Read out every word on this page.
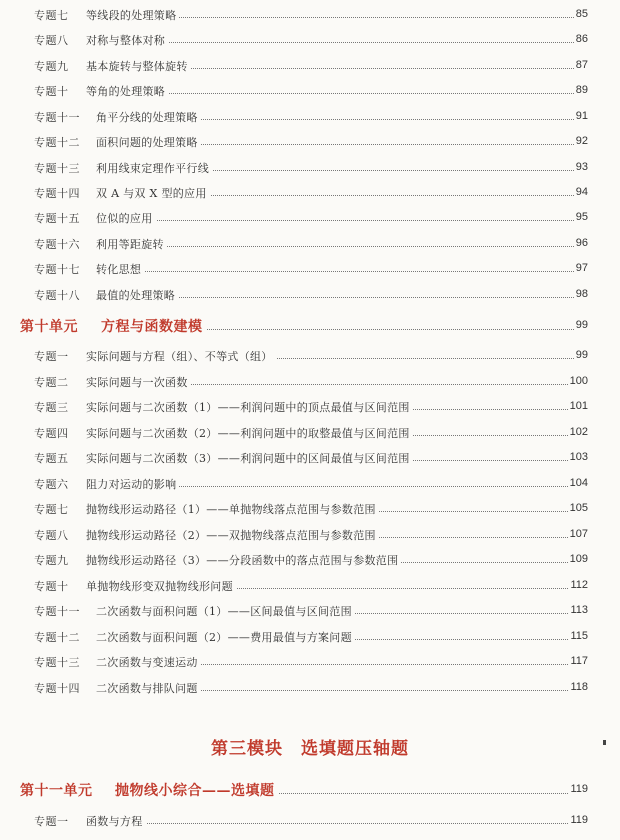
专题七 等线段的处理策略	85
专题八 对称与整体对称	86
专题九 基本旋转与整体旋转	87
专题十 等角的处理策略	89
专题十一 角平分线的处理策略	91
专题十二 面积问题的处理策略	92
专题十三 利用线束定理作平行线	93
专题十四 双 A 与双 X 型的应用	94
专题十五 位似的应用	95
专题十六 利用等距旋转	96
专题十七 转化思想	97
专题十八 最值的处理策略	98
第十单元 方程与函数建模	99
专题一 实际问题与方程（组）、不等式（组）	99
专题二 实际问题与一次函数	100
专题三 实际问题与二次函数（1）——利润问题中的顶点最值与区间范围	101
专题四 实际问题与二次函数（2）——利润问题中的取整最值与区间范围	102
专题五 实际问题与二次函数（3）——利润问题中的区间最值与区间范围	103
专题六 阻力对运动的影响	104
专题七 抛物线形运动路径（1）——单抛物线落点范围与参数范围	105
专题八 抛物线形运动路径（2）——双抛物线落点范围与参数范围	107
专题九 抛物线形运动路径（3）——分段函数中的落点范围与参数范围	109
专题十 单抛物线形变双抛物线形问题	112
专题十一 二次函数与面积问题（1）——区间最值与区间范围	113
专题十二 二次函数与面积问题（2）——费用最值与方案问题	115
专题十三 二次函数与变速运动	117
专题十四 二次函数与排队问题	118
第三模块　选填题压轴题
第十一单元 抛物线小综合——选填题	119
专题一 函数与方程	119
